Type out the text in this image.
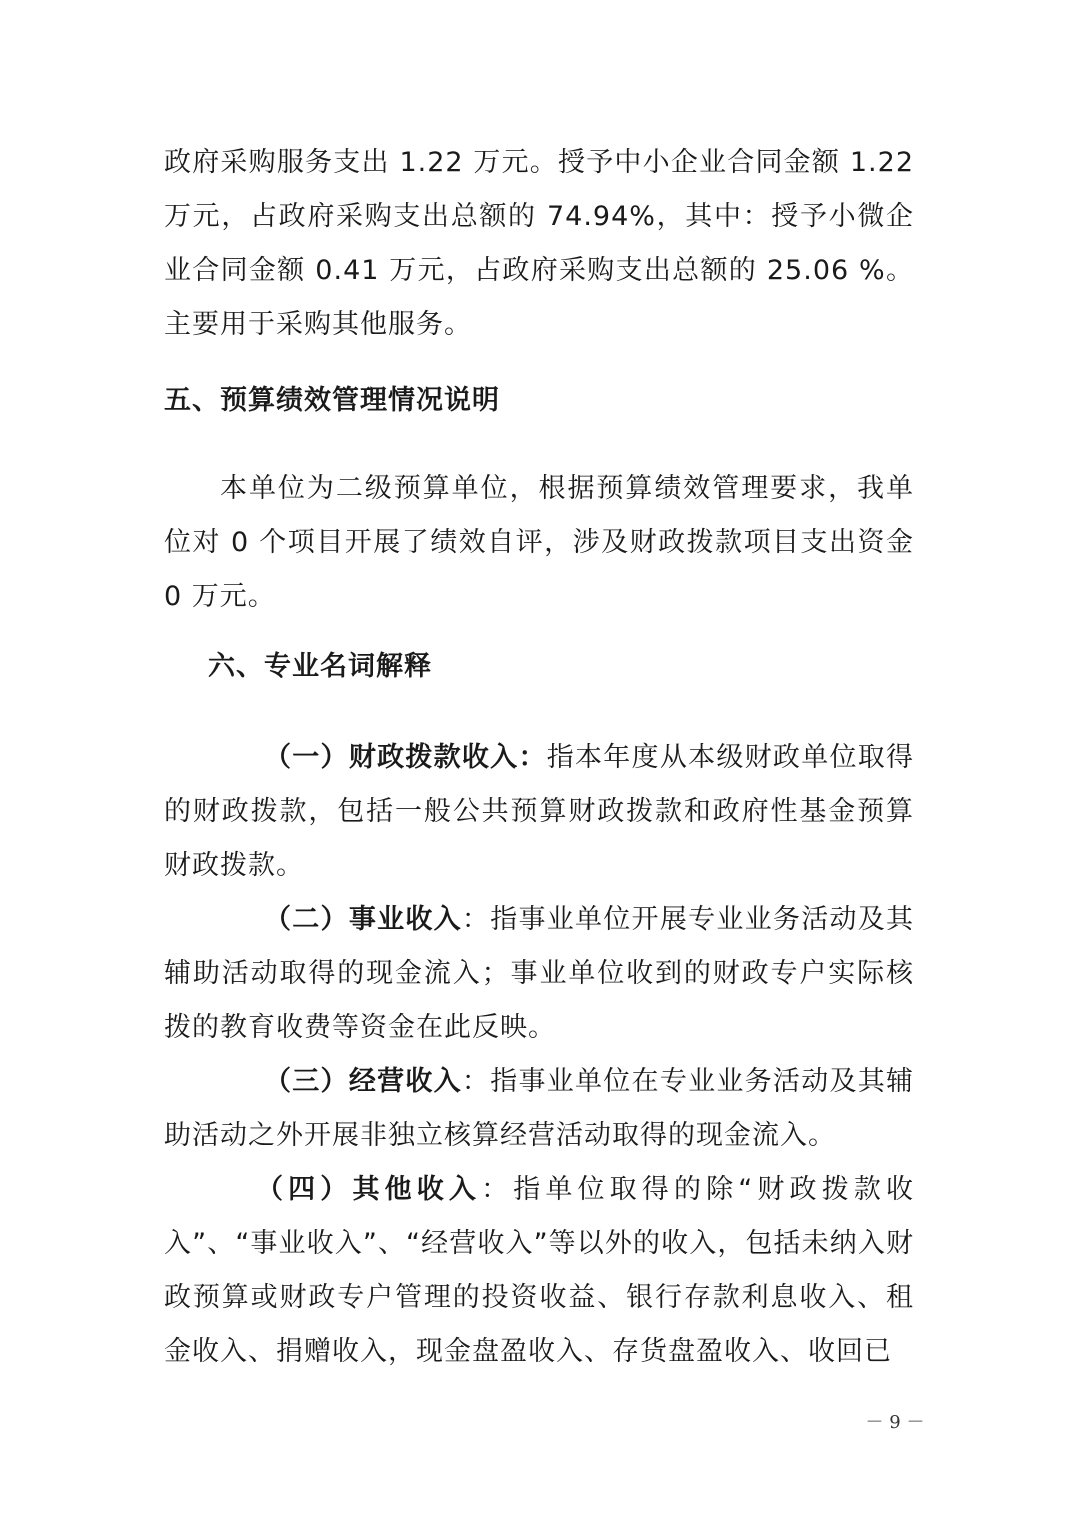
政府采购服务支出 1.22 万元。授予中小企业合同金额 1.22 万元，占政府采购支出总额的 74.94%，其中：授予小微企业合同金额 0.41 万元，占政府采购支出总额的 25.06 %。主要用于采购其他服务。

五、预算绩效管理情况说明

本单位为二级预算单位，根据预算绩效管理要求，我单位对 0 个项目开展了绩效自评，涉及财政拨款项目支出资金 0 万元。

六、专业名词解释

（一）财政拨款收入：指本年度从本级财政单位取得的财政拨款，包括一般公共预算财政拨款和政府性基金预算财政拨款。

（二）事业收入：指事业单位开展专业业务活动及其辅助活动取得的现金流入；事业单位收到的财政专户实际核拨的教育收费等资金在此反映。

（三）经营收入：指事业单位在专业业务活动及其辅助活动之外开展非独立核算经营活动取得的现金流入。

（四）其他收入：指单位取得的除“财政拨款收入”、“事业收入”、“经营收入”等以外的收入，包括未纳入财政预算或财政专户管理的投资收益、银行存款利息收入、租金收入、捐赠收入，现金盘盈收入、存货盘盈收入、收回已

－ 9 －
